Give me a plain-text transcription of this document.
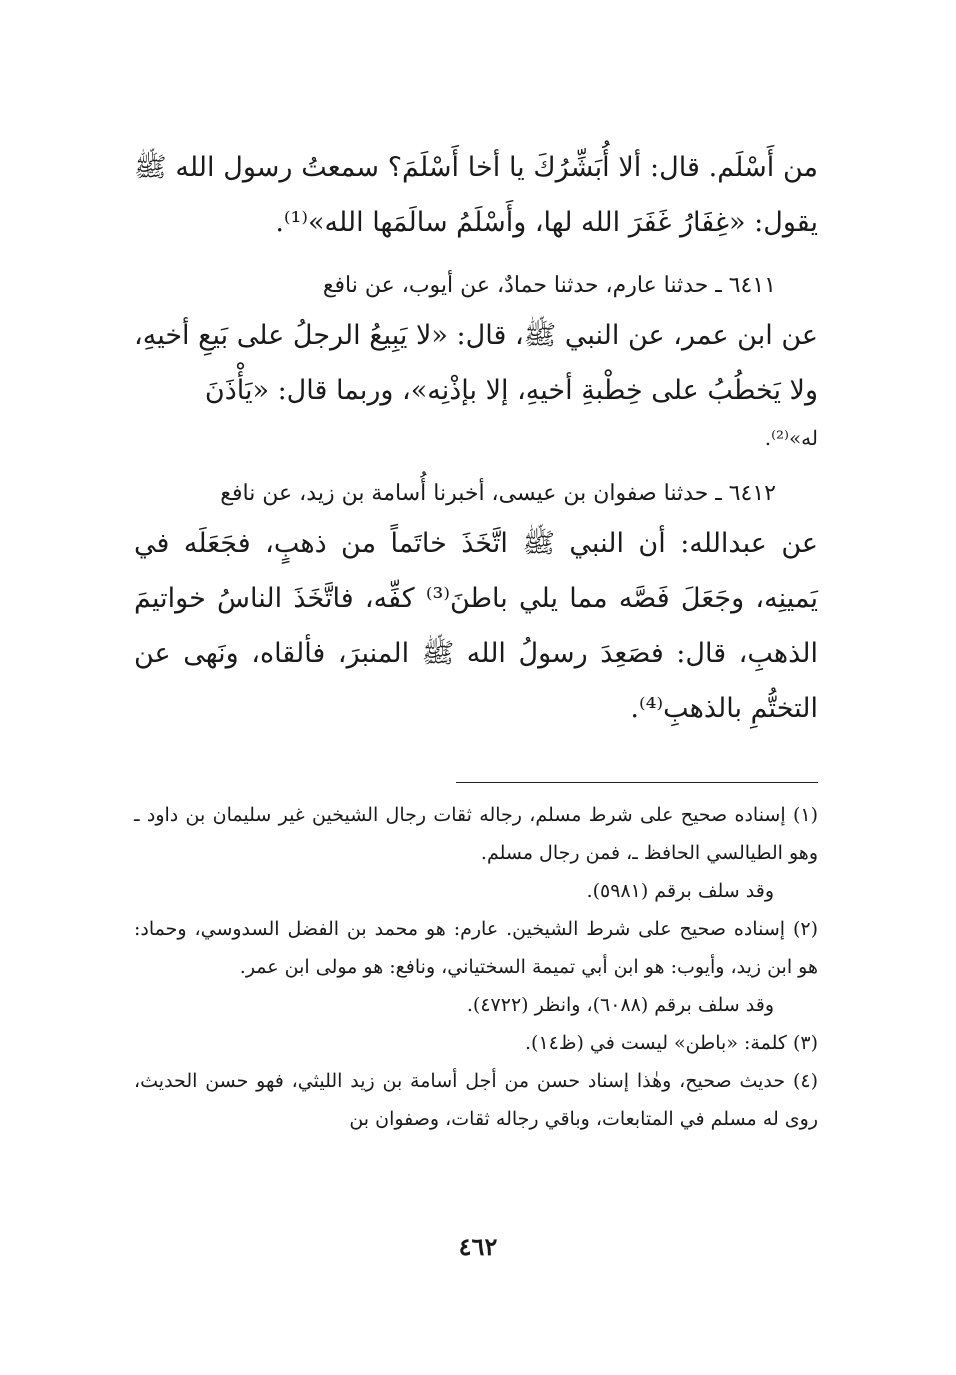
من أَسْلَم. قال: ألا أُبَشِّرُكَ يا أخا أَسْلَمَ؟ سمعتُ رسول الله ﷺ يقول: «غِفَارُ غَفَرَ الله لها، وأَسْلَمُ سالَمَها الله»⁽¹⁾.

٦٤١١ ـ حدثنا عارم، حدثنا حمادٌ، عن أيوب، عن نافع

عن ابن عمر، عن النبي ﷺ، قال: «لا يَبِيعُ الرجلُ على بَيعِ أخيهِ، ولا يَخطُبُ على خِطْبةِ أخيهِ، إلا بإذْنِه»، وربما قال: «يَأْذَنَ

له»⁽²⁾.

٦٤١٢ ـ حدثنا صفوان بن عيسى، أخبرنا أُسامة بن زيد، عن نافع

عن عبدالله: أن النبي ﷺ اتَّخَذَ خاتَماً من ذهبٍ، فجَعَلَه في يَمينِه، وجَعَلَ فَصَّه مما يلي باطنَ⁽³⁾ كفِّه، فاتَّخَذَ الناسُ خواتيمَ الذهبِ، قال: فصَعِدَ رسولُ الله ﷺ المنبرَ، فألقاه، ونَهى عن التختُّمِ بالذهبِ⁽⁴⁾.

(١) إسناده صحيح على شرط مسلم، رجاله ثقات رجال الشيخين غير سليمان بن داود ـ وهو الطيالسي الحافظ ـ، فمن رجال مسلم.

وقد سلف برقم (٥٩٨١).

(٢) إسناده صحيح على شرط الشيخين. عارم: هو محمد بن الفضل السدوسي، وحماد: هو ابن زيد، وأيوب: هو ابن أبي تميمة السختياني، ونافع: هو مولى ابن عمر.

وقد سلف برقم (٦٠٨٨)، وانظر (٤٧٢٢).

(٣) كلمة: «باطن» ليست في (ظ١٤).

(٤) حديث صحيح، وهٰذا إسناد حسن من أجل أسامة بن زيد الليثي، فهو حسن الحديث، روى له مسلم في المتابعات، وباقي رجاله ثقات، وصفوان بن

٤٦٢
